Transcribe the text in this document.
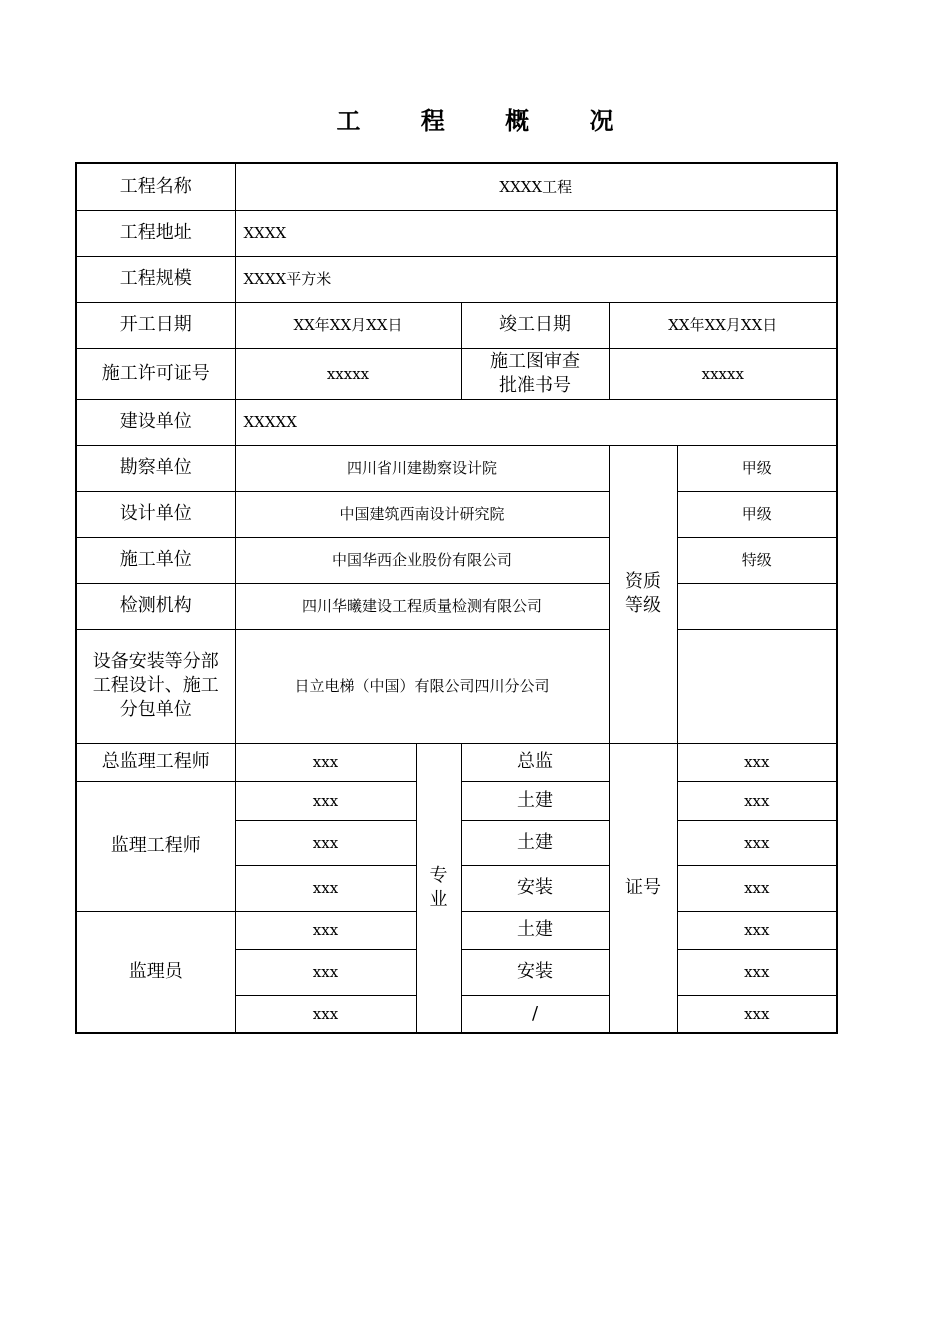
工 程 概 况
工程名称	XXXX工程				
工程地址	XXXX				
工程规模	XXXX平方米				
开工日期	XX年XX月XX日		竣工日期	XX年XX月XX日	
施工许可证号	xxxxx		施工图审查批准书号	xxxxx	
建设单位	XXXXX				
勘察单位	四川省川建勘察设计院			资质等级	甲级
设计单位	中国建筑西南设计研究院				甲级
施工单位	中国华西企业股份有限公司				特级
检测机构	四川华曦建设工程质量检测有限公司				
设备安装等分部工程设计、施工分包单位	日立电梯（中国）有限公司四川分公司				
总监理工程师	xxx	专业	总监	证号	xxx
监理工程师	xxx		土建		xxx
	xxx		土建		xxx
	xxx		安装		xxx
监理员	xxx		土建		xxx
	xxx		安装		xxx
	xxx		/		xxx
